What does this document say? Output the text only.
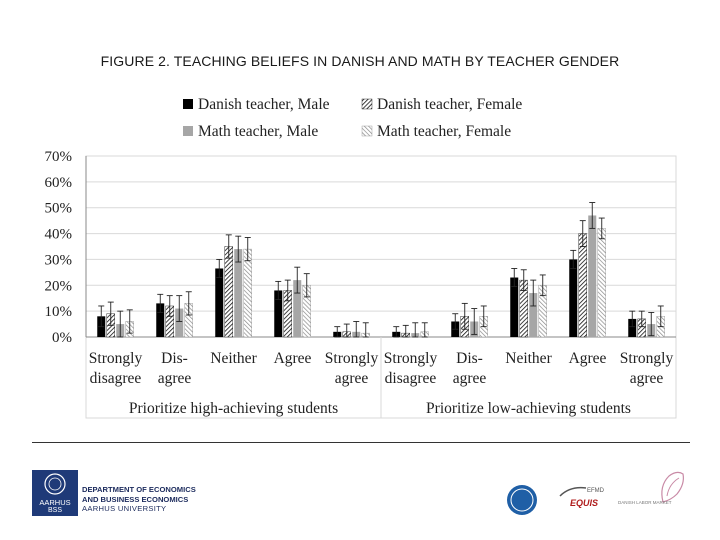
FIGURE 2. TEACHING BELIEFS IN DANISH AND MATH BY TEACHER GENDER
Danish teacher, Male	Danish teacher, Female
Math teacher, Male	Math teacher, Female
0%
10%
20%
30%
40%
50%
60%
70%
Strongly
disagree
Dis-
agree
Neither Agree Strongly
agree
Strongly
disagree
Dis-
agree
Neither Agree Strongly
agree
Prioritize high-achieving students	Prioritize low-achieving students
AARHUS
BSS
DEPARTMENT OF ECONOMICS
AND BUSINESS ECONOMICS
AARHUS UNIVERSITY
EFMD
EQUIS	DANISH LABOR MARKET
